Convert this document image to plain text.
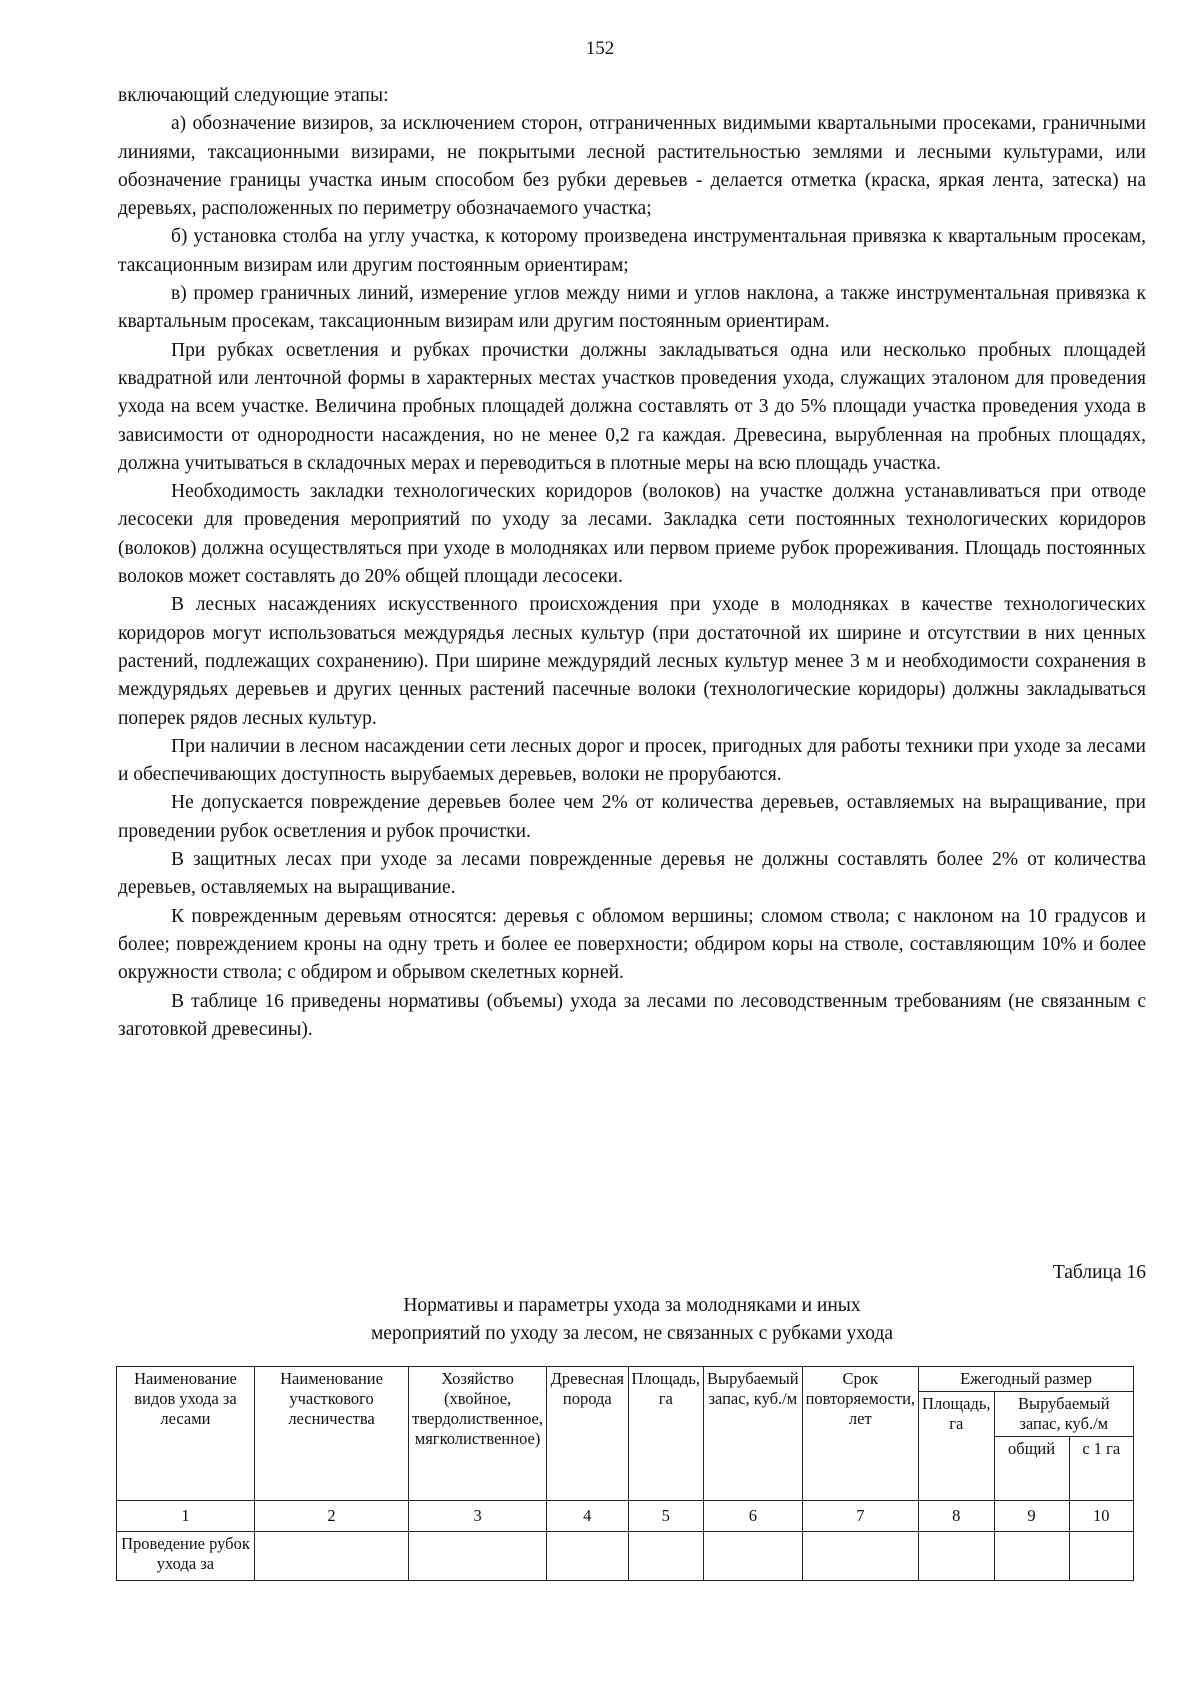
152

включающий следующие этапы:

а) обозначение визиров, за исключением сторон, отграниченных видимыми квартальными просеками, граничными линиями, таксационными визирами, не покрытыми лесной растительностью землями и лесными культурами, или обозначение границы участка иным способом без рубки деревьев - делается отметка (краска, яркая лента, затеска) на деревьях, расположенных по периметру обозначаемого участка;

б) установка столба на углу участка, к которому произведена инструментальная привязка к квартальным просекам, таксационным визирам или другим постоянным ориентирам;

в) промер граничных линий, измерение углов между ними и углов наклона, а также инструментальная привязка к квартальным просекам, таксационным визирам или другим постоянным ориентирам.

При рубках осветления и рубках прочистки должны закладываться одна или несколько пробных площадей квадратной или ленточной формы в характерных местах участков проведения ухода, служащих эталоном для проведения ухода на всем участке. Величина пробных площадей должна составлять от 3 до 5% площади участка проведения ухода в зависимости от однородности насаждения, но не менее 0,2 га каждая. Древесина, вырубленная на пробных площадях, должна учитываться в складочных мерах и переводиться в плотные меры на всю площадь участка.

Необходимость закладки технологических коридоров (волоков) на участке должна устанавливаться при отводе лесосеки для проведения мероприятий по уходу за лесами. Закладка сети постоянных технологических коридоров (волоков) должна осуществляться при уходе в молодняках или первом приеме рубок прореживания. Площадь постоянных волоков может составлять до 20% общей площади лесосеки.

В лесных насаждениях искусственного происхождения при уходе в молодняках в качестве технологических коридоров могут использоваться междурядья лесных культур (при достаточной их ширине и отсутствии в них ценных растений, подлежащих сохранению). При ширине междурядий лесных культур менее 3 м и необходимости сохранения в междурядьях деревьев и других ценных растений пасечные волоки (технологические коридоры) должны закладываться поперек рядов лесных культур.

При наличии в лесном насаждении сети лесных дорог и просек, пригодных для работы техники при уходе за лесами и обеспечивающих доступность вырубаемых деревьев, волоки не прорубаются.

Не допускается повреждение деревьев более чем 2% от количества деревьев, оставляемых на выращивание, при проведении рубок осветления и рубок прочистки.

В защитных лесах при уходе за лесами поврежденные деревья не должны составлять более 2% от количества деревьев, оставляемых на выращивание.

К поврежденным деревьям относятся: деревья с обломом вершины; сломом ствола; с наклоном на 10 градусов и более; повреждением кроны на одну треть и более ее поверхности; обдиром коры на стволе, составляющим 10% и более окружности ствола; с обдиром и обрывом скелетных корней.

В таблице 16 приведены нормативы (объемы) ухода за лесами по лесоводственным требованиям (не связанным с заготовкой древесины).

Таблица 16
Нормативы и параметры ухода за молодняками и иных
мероприятий по уходу за лесом, не связанных с рубками ухода
Наименование видов ухода за лесами	Наименование участкового лесничества	Хозяйство (хвойное, твердолиственное, мягколиственное)	Древесная порода	Площадь, га	Вырубаемый запас, куб./м	Срок повторяемости, лет	Ежегодный размер		
							Площадь, га	Вырубаемый запас, куб./м	
								общий	с 1 га
1	2	3	4	5	6	7	8	9	10
Проведение рубок ухода за									
